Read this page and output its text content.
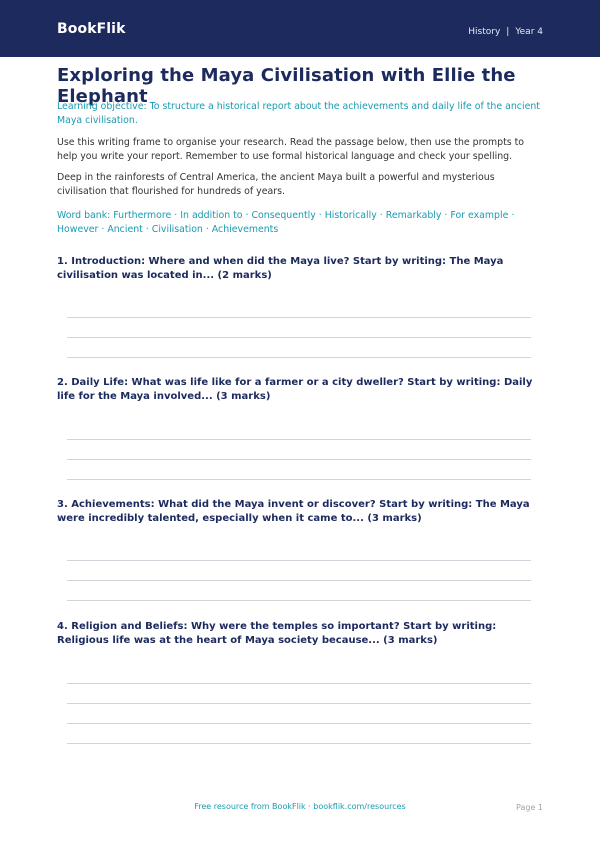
BookFlik	History | Year 4
Exploring the Maya Civilisation with Ellie the Elephant
Learning objective: To structure a historical report about the achievements and daily life of the ancient Maya civilisation.
Use this writing frame to organise your research. Read the passage below, then use the prompts to help you write your report. Remember to use formal historical language and check your spelling.
Deep in the rainforests of Central America, the ancient Maya built a powerful and mysterious civilisation that flourished for hundreds of years.
Word bank: Furthermore · In addition to · Consequently · Historically · Remarkably · For example · However · Ancient · Civilisation · Achievements
1. Introduction: Where and when did the Maya live? Start by writing: The Maya civilisation was located in... (2 marks)
2. Daily Life: What was life like for a farmer or a city dweller? Start by writing: Daily life for the Maya involved... (3 marks)
3. Achievements: What did the Maya invent or discover? Start by writing: The Maya were incredibly talented, especially when it came to... (3 marks)
4. Religion and Beliefs: Why were the temples so important? Start by writing: Religious life was at the heart of Maya society because... (3 marks)
Free resource from BookFlik · bookflik.com/resources	Page 1
